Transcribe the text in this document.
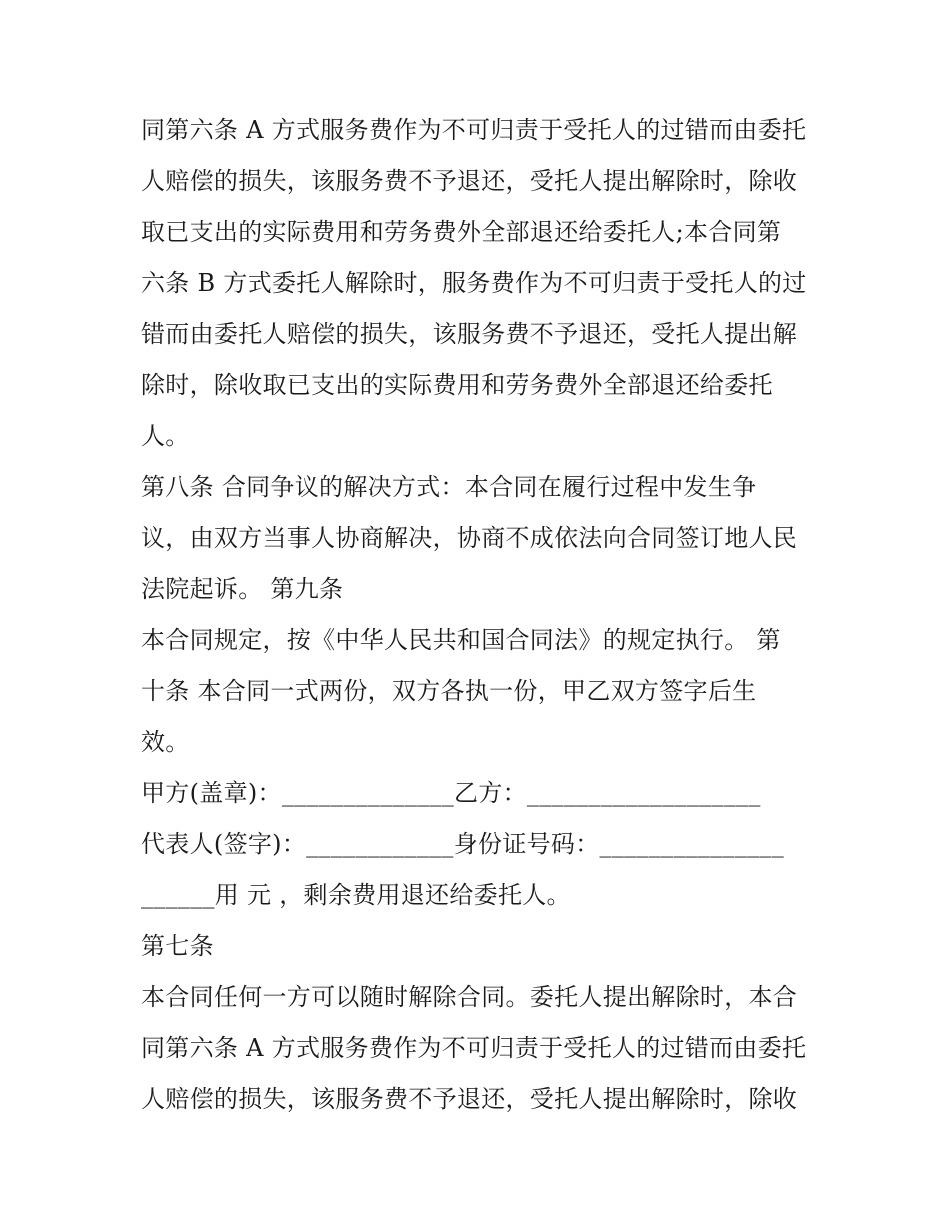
同第六条 A 方式服务费作为不可归责于受托人的过错而由委托
人赔偿的损失，该服务费不予退还，受托人提出解除时，除收
取已支出的实际费用和劳务费外全部退还给委托人;本合同第
六条 B 方式委托人解除时，服务费作为不可归责于受托人的过
错而由委托人赔偿的损失，该服务费不予退还，受托人提出解
除时，除收取已支出的实际费用和劳务费外全部退还给委托
人。
第八条 合同争议的解决方式：本合同在履行过程中发生争
议，由双方当事人协商解决，协商不成依法向合同签订地人民
法院起诉。 第九条
本合同规定，按《中华人民共和国合同法》的规定执行。 第
十条 本合同一式两份，双方各执一份，甲乙双方签字后生
效。
甲方(盖章)：______________乙方：___________________
代表人(签字)：____________身份证号码：_______________
______用 元 ，剩余费用退还给委托人。
第七条
本合同任何一方可以随时解除合同。委托人提出解除时，本合
同第六条 A 方式服务费作为不可归责于受托人的过错而由委托
人赔偿的损失，该服务费不予退还，受托人提出解除时，除收
